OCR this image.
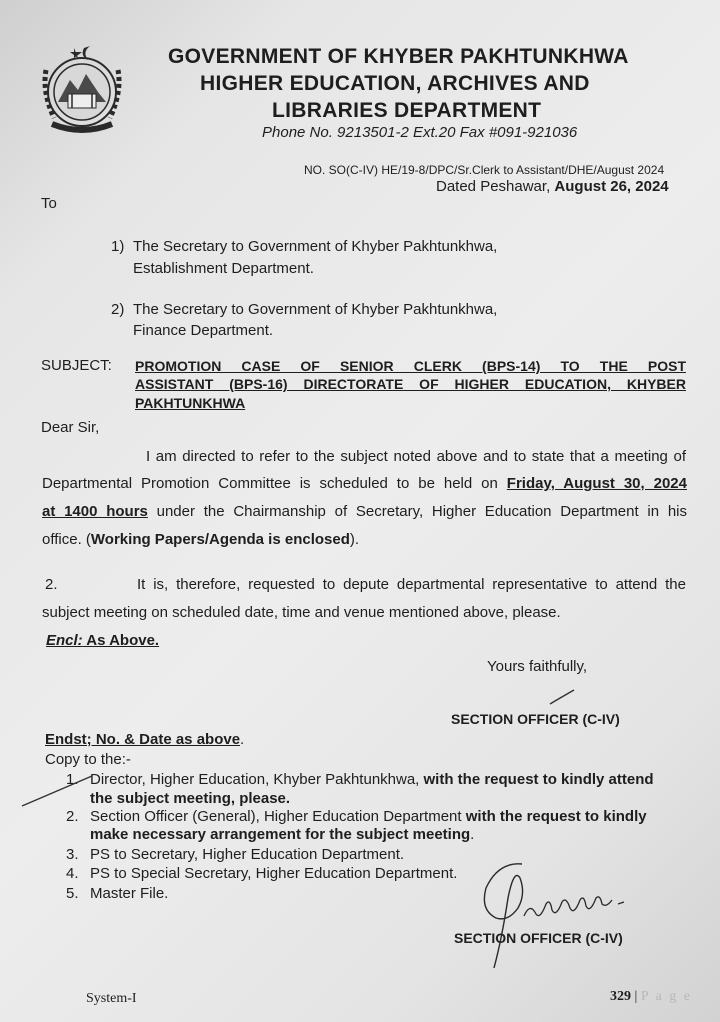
GOVERNMENT OF KHYBER PAKHTUNKHWA
HIGHER EDUCATION, ARCHIVES AND
LIBRARIES DEPARTMENT
Phone No. 9213501-2 Ext.20 Fax #091-921036
NO. SO(C-IV) HE/19-8/DPC/Sr.Clerk to Assistant/DHE/August 2024
Dated Peshawar, August 26, 2024
To
1) The Secretary to Government of Khyber Pakhtunkhwa,
Establishment Department.
2) The Secretary to Government of Khyber Pakhtunkhwa,
Finance Department.
SUBJECT: PROMOTION CASE OF SENIOR CLERK (BPS-14) TO THE POST
ASSISTANT (BPS-16) DIRECTORATE OF HIGHER EDUCATION, KHYBER
PAKHTUNKHWA
Dear Sir,
I am directed to refer to the subject noted above and to state that a meeting of
Departmental Promotion Committee is scheduled to be held on Friday, August 30, 2024
at 1400 hours under the Chairmanship of Secretary, Higher Education Department in his
office. (Working Papers/Agenda is enclosed).
2.	It is, therefore, requested to depute departmental representative to attend the
subject meeting on scheduled date, time and venue mentioned above, please.
Encl: As Above.
Yours faithfully,
SECTION OFFICER (C-IV)
Endst; No. & Date as above.
Copy to the:-
1. Director, Higher Education, Khyber Pakhtunkhwa, with the request to kindly attend
the subject meeting, please.
2. Section Officer (General), Higher Education Department with the request to kindly
make necessary arrangement for the subject meeting.
3. PS to Secretary, Higher Education Department.
4. PS to Special Secretary, Higher Education Department.
5. Master File.
SECTION OFFICER (C-IV)
System-I	329 | P a g e
